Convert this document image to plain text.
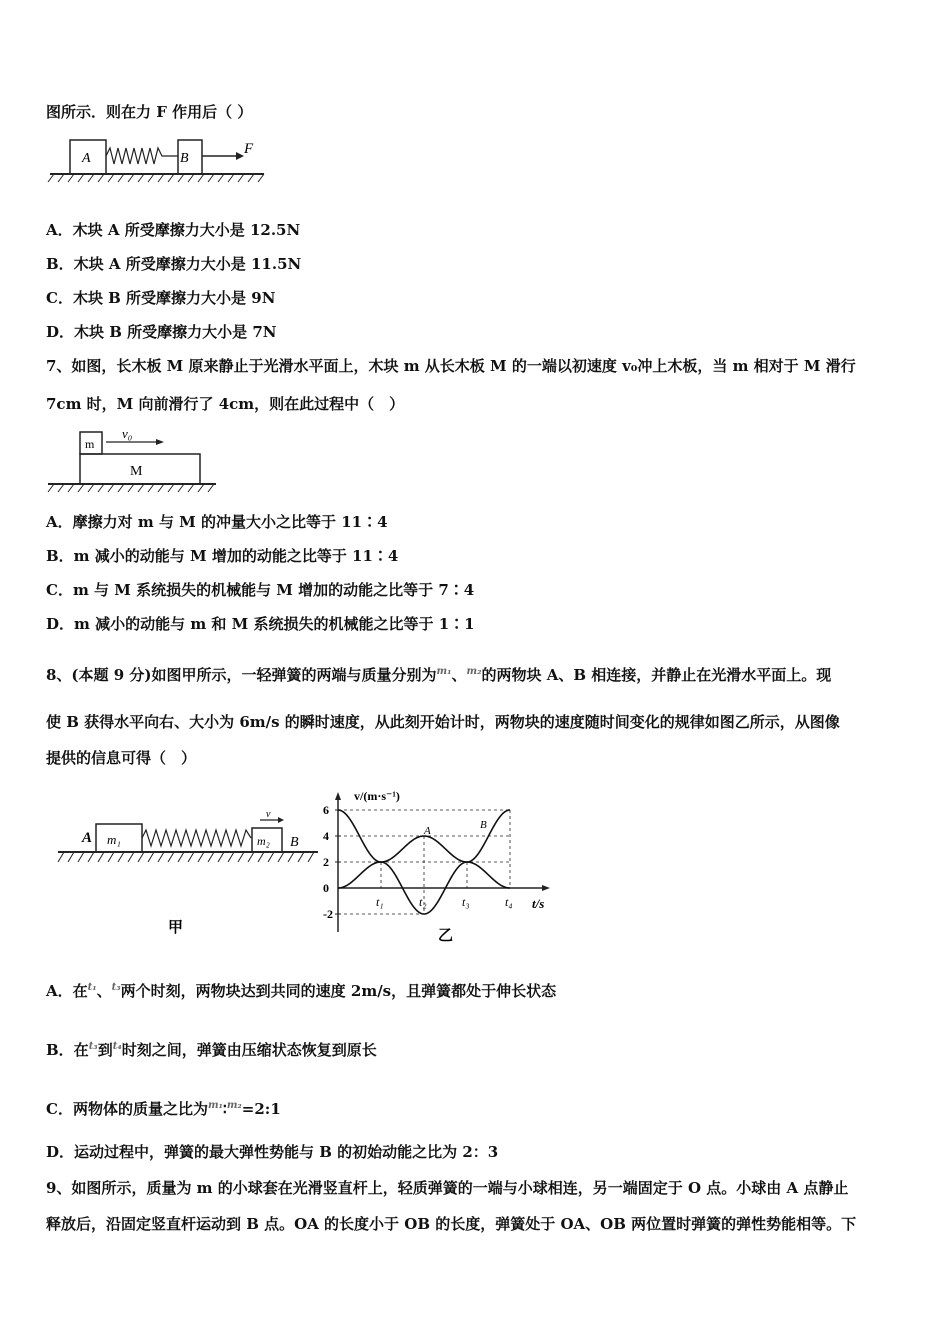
图所示．则在力 F 作用后（ ）
A	B
F
A．木块 A 所受摩擦力大小是 12.5N
B．木块 A 所受摩擦力大小是 11.5N
C．木块 B 所受摩擦力大小是 9N
D．木块 B 所受摩擦力大小是 7N
7、如图，长木板 M 原来静止于光滑水平面上，木块 m 从长木板 M 的一端以初速度 v₀冲上木板，当 m 相对于 M 滑行
7cm 时，M 向前滑行了 4cm，则在此过程中（　）
m
v₀
M
A．摩擦力对 m 与 M 的冲量大小之比等于 11∶4
B．m 减小的动能与 M 增加的动能之比等于 11∶4
C．m 与 M 系统损失的机械能与 M 增加的动能之比等于 7∶4
D．m 减小的动能与 m 和 M 系统损失的机械能之比等于 1∶1
8、(本题 9 分)如图甲所示，一轻弹簧的两端与质量分别为$^{m_1}$、$^{m_2}$的两物块 A、B 相连接，并静止在光滑水平面上。现
使 B 获得水平向右、大小为 6m/s 的瞬时速度，从此刻开始计时，两物块的速度随时间变化的规律如图乙所示，从图像
提供的信息可得（　）
A m₁	m₂
v
B
甲
v/(m·s⁻¹)
t/s
-2
0
2
4
6
t₁	t₂	t₃	t₄
A	B
乙
A．在$^{t_1}$、$^{t_3}$两个时刻，两物块达到共同的速度 2m/s，且弹簧都处于伸长状态
B．在$^{t_3}$到$^{t_4}$时刻之间，弹簧由压缩状态恢复到原长
C．两物体的质量之比为$^{m_1}$∶$^{m_2}$=2:1
D．运动过程中，弹簧的最大弹性势能与 B 的初始动能之比为 2：3
9、如图所示，质量为 m 的小球套在光滑竖直杆上，轻质弹簧的一端与小球相连，另一端固定于 O 点。小球由 A 点静止
释放后，沿固定竖直杆运动到 B 点。OA 的长度小于 OB 的长度，弹簧处于 OA、OB 两位置时弹簧的弹性势能相等。下
